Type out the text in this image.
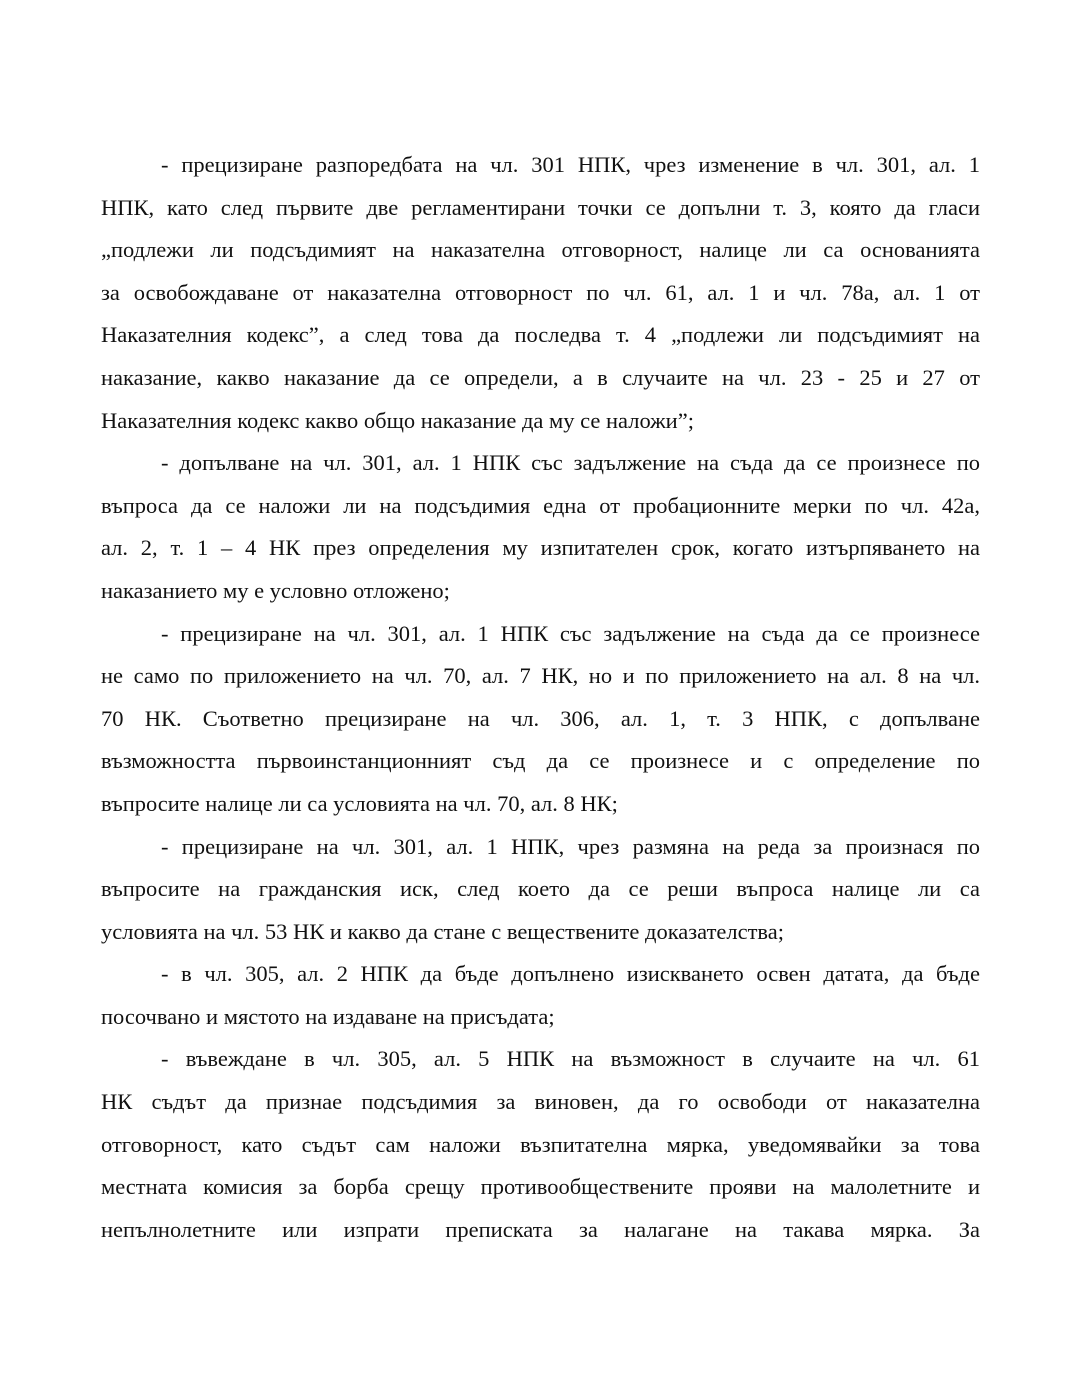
- прецизиране разпоредбата на чл. 301 НПК, чрез изменение в чл. 301, ал. 1
НПК, като след първите две регламентирани точки се допълни т. 3, която да гласи
„подлежи ли подсъдимият на наказателна отговорност, налице ли са основанията
за освобождаване от наказателна отговорност по чл. 61, ал. 1 и чл. 78а, ал. 1 от
Наказателния кодекс”, а след това да последва т. 4 „подлежи ли подсъдимият на
наказание, какво наказание да се определи, а в случаите на чл. 23 - 25 и 27 от
Наказателния кодекс какво общо наказание да му се наложи”;
- допълване на чл. 301, ал. 1 НПК със задължение на съда да се произнесе по
въпроса да се наложи ли на подсъдимия една от пробационните мерки по чл. 42а,
ал. 2, т. 1 – 4 НК през определения му изпитателен срок, когато изтърпяването на
наказанието му е условно отложено;
- прецизиране на чл. 301, ал. 1 НПК със задължение на съда да се произнесе
не само по приложението на чл. 70, ал. 7 НК, но и по приложението на ал. 8 на чл.
70 НК. Съответно прецизиране на чл. 306, ал. 1, т. 3 НПК, с допълване
възможността първоинстанционният съд да се произнесе и с определение по
въпросите налице ли са условията на чл. 70, ал. 8 НК;
- прецизиране на чл. 301, ал. 1 НПК, чрез размяна на реда за произнася по
въпросите на гражданския иск, след което да се реши въпроса налице ли са
условията на чл. 53 НК и какво да стане с веществените доказателства;
- в чл. 305, ал. 2 НПК да бъде допълнено изискването освен датата, да бъде
посочвано и мястото на издаване на присъдата;
- въвеждане в чл. 305, ал. 5 НПК на възможност в случаите на чл. 61
НК съдът да признае подсъдимия за виновен, да го освободи от наказателна
отговорност, като съдът сам наложи възпитателна мярка, уведомявайки за това
местната комисия за борба срещу противообществените прояви на малолетните и
непълнолетните или изпрати преписката за налагане на такава мярка. За
